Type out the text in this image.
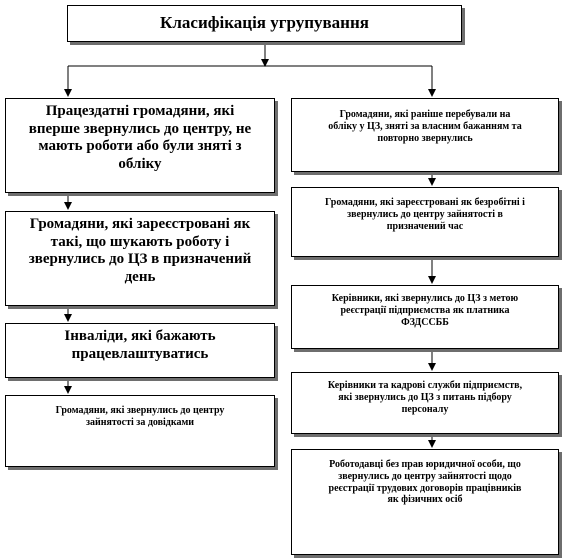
Класифікація угрупування
Працездатні громадяни, які
вперше звернулись до центру, не
мають роботи або були зняті з
обліку
Громадяни, які зареєстровані як
такі, що шукають роботу і
звернулись до ЦЗ в призначений
день
Інваліди, які бажають
працевлаштуватись
Громадяни, які звернулись до центру
зайнятості за довідками
Громадяни, які раніше перебували на
обліку у ЦЗ, зняті за власним бажанням та
повторно звернулись
Громадяни, які зареєстровані як безробітні і
звернулись до центру зайнятості в
призначений час
Керівники, які звернулись до ЦЗ з метою
реєстрації підприємства як платника
ФЗДССББ
Керівники та кадрові служби підприємств,
які звернулись до ЦЗ з питань підбору
персоналу
Роботодавці без прав юридичної особи, що
звернулись до центру зайнятості щодо
реєстрації трудових договорів працівників
як фізичних осіб
